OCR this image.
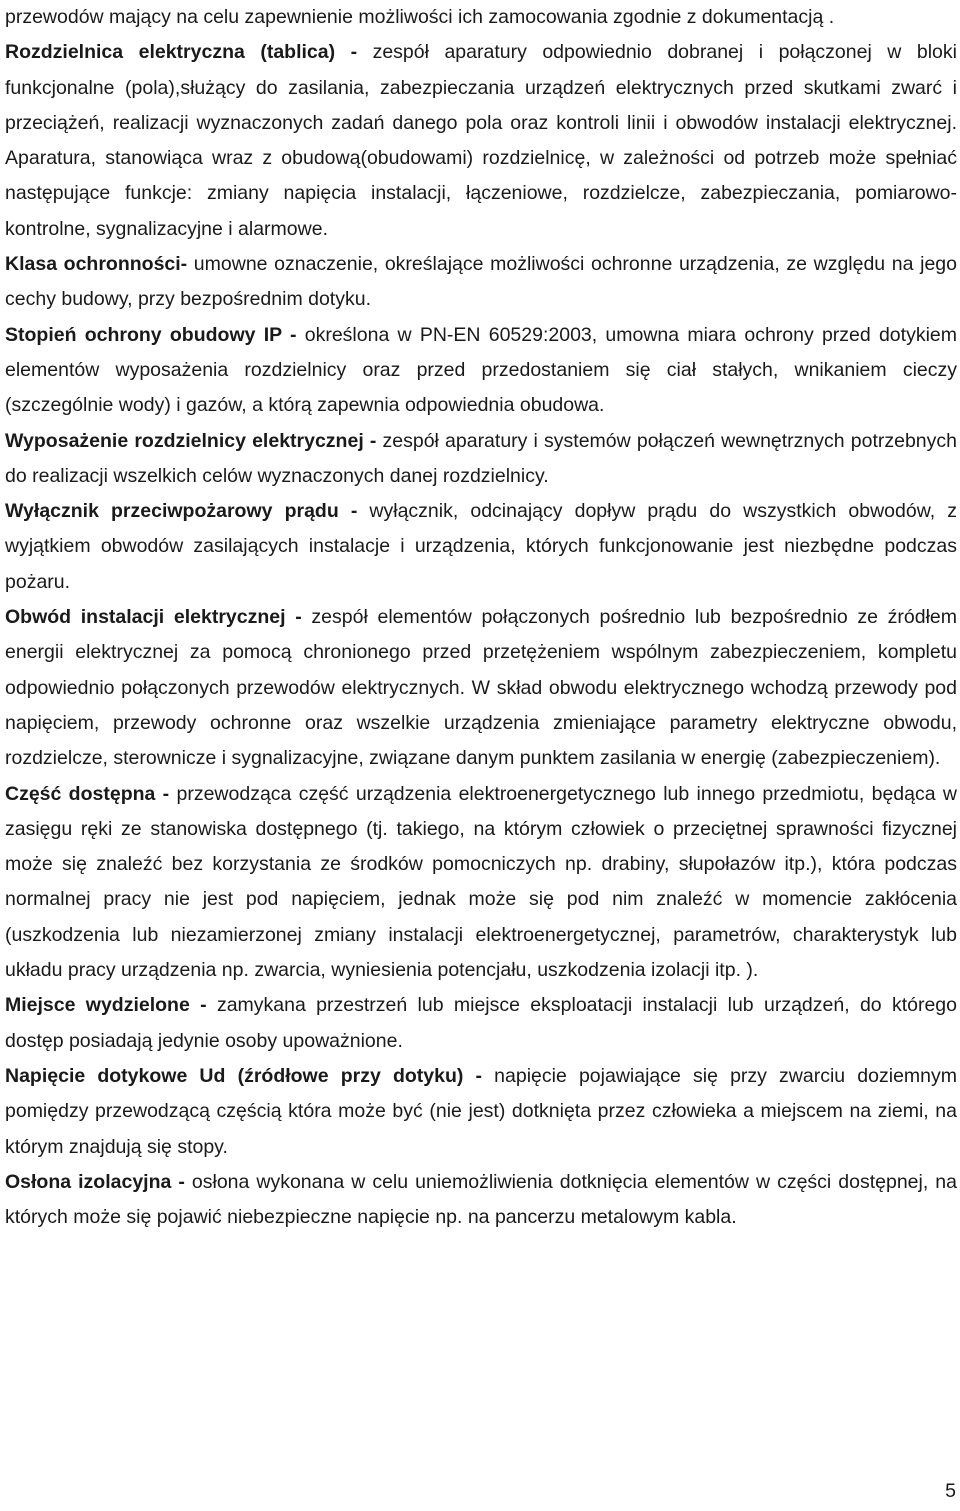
przewodów mający na celu zapewnienie możliwości ich zamocowania zgodnie z dokumentacją .

Rozdzielnica elektryczna (tablica) - zespół aparatury odpowiednio dobranej i połączonej w bloki funkcjonalne (pola),służący do zasilania, zabezpieczania urządzeń elektrycznych przed skutkami zwarć i przeciążeń, realizacji wyznaczonych zadań danego pola oraz kontroli linii i obwodów instalacji elektrycznej. Aparatura, stanowiąca wraz z obudową(obudowami) rozdzielnicę, w zależności od potrzeb może spełniać następujące funkcje: zmiany napięcia instalacji, łączeniowe, rozdzielcze, zabezpieczania, pomiarowo-kontrolne, sygnalizacyjne i alarmowe.

Klasa ochronności- umowne oznaczenie, określające możliwości ochronne urządzenia, ze względu na jego cechy budowy, przy bezpośrednim dotyku.

Stopień ochrony obudowy IP - określona w PN-EN 60529:2003, umowna miara ochrony przed dotykiem elementów wyposażenia rozdzielnicy oraz przed przedostaniem się ciał stałych, wnikaniem cieczy (szczególnie wody) i gazów, a którą zapewnia odpowiednia obudowa.

Wyposażenie rozdzielnicy elektrycznej - zespół aparatury i systemów połączeń wewnętrznych potrzebnych do realizacji wszelkich celów wyznaczonych danej rozdzielnicy.

Wyłącznik przeciwpożarowy prądu - wyłącznik, odcinający dopływ prądu do wszystkich obwodów, z wyjątkiem obwodów zasilających instalacje i urządzenia, których funkcjonowanie jest niezbędne podczas pożaru.

Obwód instalacji elektrycznej - zespół elementów połączonych pośrednio lub bezpośrednio ze źródłem energii elektrycznej za pomocą chronionego przed przetężeniem wspólnym zabezpieczeniem, kompletu odpowiednio połączonych przewodów elektrycznych. W skład obwodu elektrycznego wchodzą przewody pod napięciem, przewody ochronne oraz wszelkie urządzenia zmieniające parametry elektryczne obwodu, rozdzielcze, sterownicze i sygnalizacyjne, związane danym punktem zasilania w energię (zabezpieczeniem).

Część dostępna - przewodząca część urządzenia elektroenergetycznego lub innego przedmiotu, będąca w zasięgu ręki ze stanowiska dostępnego (tj. takiego, na którym człowiek o przeciętnej sprawności fizycznej może się znaleźć bez korzystania ze środków pomocniczych np. drabiny, słupołazów itp.), która podczas normalnej pracy nie jest pod napięciem, jednak może się pod nim znaleźć w momencie zakłócenia (uszkodzenia lub niezamierzonej zmiany instalacji elektroenergetycznej, parametrów, charakterystyk lub układu pracy urządzenia np. zwarcia, wyniesienia potencjału, uszkodzenia izolacji itp. ).

Miejsce wydzielone - zamykana przestrzeń lub miejsce eksploatacji instalacji lub urządzeń, do którego dostęp posiadają jedynie osoby upoważnione.

Napięcie dotykowe Ud (źródłowe przy dotyku) - napięcie pojawiające się przy zwarciu doziemnym pomiędzy przewodzącą częścią która może być (nie jest) dotknięta przez człowieka a miejscem na ziemi, na którym znajdują się stopy.

Osłona izolacyjna - osłona wykonana w celu uniemożliwienia dotknięcia elementów w części dostępnej, na których może się pojawić niebezpieczne napięcie np. na pancerzu metalowym kabla.

5
